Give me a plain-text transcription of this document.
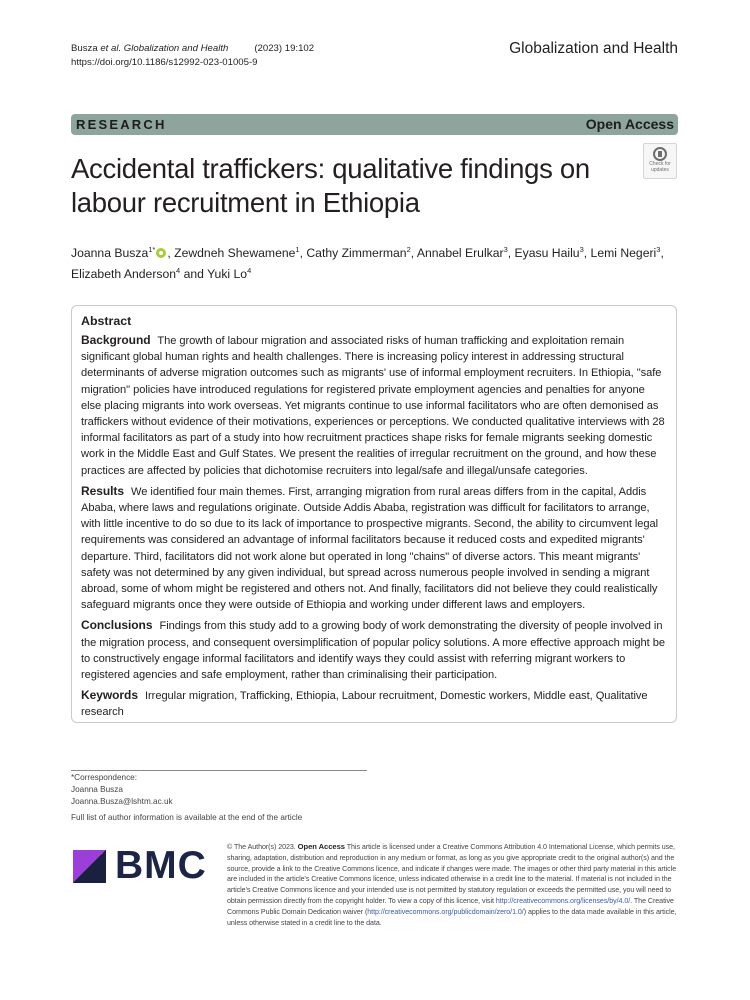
Busza et al. Globalization and Health	(2023) 19:102
https://doi.org/10.1186/s12992-023-01005-9
Globalization and Health
RESEARCH	Open Access
Accidental traffickers: qualitative findings on labour recruitment in Ethiopia
Check for
updates
Joanna Busza$^{1*}$ , Zewdneh Shewamene$^1$, Cathy Zimmerman$^2$, Annabel Erulkar$^3$, Eyasu Hailu$^3$, Lemi Negeri$^3$, Elizabeth Anderson$^4$ and Yuki Lo$^4$
Abstract

Background The growth of labour migration and associated risks of human trafficking and exploitation remain significant global human rights and health challenges. There is increasing policy interest in addressing structural determinants of adverse migration outcomes such as migrants' use of informal employment recruiters. In Ethiopia, "safe migration" policies have introduced regulations for registered private employment agencies and penalties for anyone else placing migrants into work overseas. Yet migrants continue to use informal facilitators who are often demonised as traffickers without evidence of their motivations, experiences or perceptions. We conducted qualitative interviews with 28 informal facilitators as part of a study into how recruitment practices shape risks for female migrants seeking domestic work in the Middle East and Gulf States. We present the realities of irregular recruitment on the ground, and how these practices are affected by policies that dichotomise recruiters into legal/safe and illegal/unsafe categories.

Results We identified four main themes. First, arranging migration from rural areas differs from in the capital, Addis Ababa, where laws and regulations originate. Outside Addis Ababa, registration was difficult for facilitators to arrange, with little incentive to do so due to its lack of importance to prospective migrants. Second, the ability to circumvent legal requirements was considered an advantage of informal facilitators because it reduced costs and expedited migrants' departure. Third, facilitators did not work alone but operated in long "chains" of diverse actors. This meant migrants' safety was not determined by any given individual, but spread across numerous people involved in sending a migrant abroad, some of whom might be registered and others not. And finally, facilitators did not believe they could realistically safeguard migrants once they were outside of Ethiopia and working under different laws and employers.

Conclusions Findings from this study add to a growing body of work demonstrating the diversity of people involved in the migration process, and consequent oversimplification of popular policy solutions. A more effective approach might be to constructively engage informal facilitators and identify ways they could assist with referring migrant workers to registered agencies and safe employment, rather than criminalising their participation.

Keywords Irregular migration, Trafficking, Ethiopia, Labour recruitment, Domestic workers, Middle east, Qualitative research

*Correspondence:
Joanna Busza
Joanna.Busza@lshtm.ac.uk
Full list of author information is available at the end of the article
BMC	© The Author(s) 2023. Open Access This article is licensed under a Creative Commons Attribution 4.0 International License, which permits use, sharing, adaptation, distribution and reproduction in any medium or format, as long as you give appropriate credit to the original author(s) and the source, provide a link to the Creative Commons licence, and indicate if changes were made. The images or other third party material in this article are included in the article's Creative Commons licence, unless indicated otherwise in a credit line to the material. If material is not included in the article's Creative Commons licence and your intended use is not permitted by statutory regulation or exceeds the permitted use, you will need to obtain permission directly from the copyright holder. To view a copy of this licence, visit http://creativecommons.org/licenses/by/4.0/. The Creative Commons Public Domain Dedication waiver (http://creativecommons.org/publicdomain/zero/1.0/) applies to the data made available in this article, unless otherwise stated in a credit line to the data.
